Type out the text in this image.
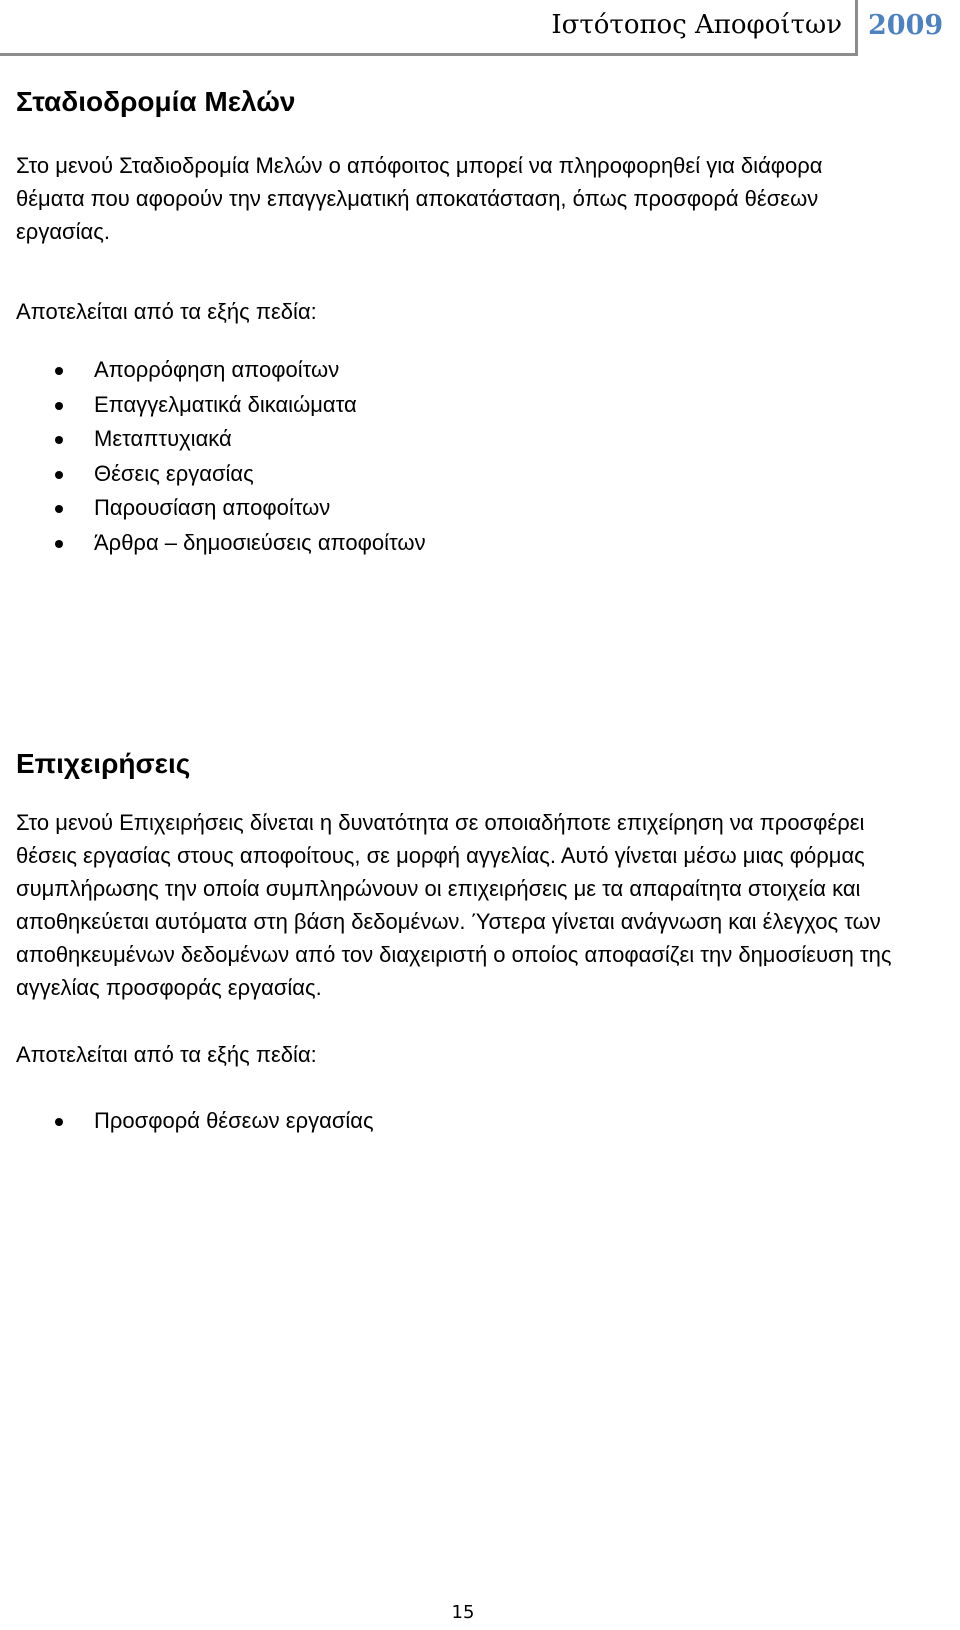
Ιστότοπος Αποφοίτων 2009
Σταδιοδρομία Μελών

Στο μενού Σταδιοδρομία Μελών ο απόφοιτος μπορεί να πληροφορηθεί για διάφορα θέματα που αφορούν την επαγγελματική αποκατάσταση, όπως προσφορά θέσεων εργασίας.

Αποτελείται από τα εξής πεδία:

Απορρόφηση αποφοίτων
Επαγγελματικά δικαιώματα
Μεταπτυχιακά
Θέσεις εργασίας
Παρουσίαση αποφοίτων
Άρθρα – δημοσιεύσεις αποφοίτων
Επιχειρήσεις

Στο μενού Επιχειρήσεις δίνεται η δυνατότητα σε οποιαδήποτε επιχείρηση να προσφέρει θέσεις εργασίας στους αποφοίτους, σε μορφή αγγελίας. Αυτό γίνεται μέσω μιας φόρμας συμπλήρωσης την οποία συμπληρώνουν οι επιχειρήσεις με τα απαραίτητα στοιχεία και αποθηκεύεται αυτόματα στη βάση δεδομένων. Ύστερα γίνεται ανάγνωση και έλεγχος των αποθηκευμένων δεδομένων από τον διαχειριστή ο οποίος αποφασίζει την δημοσίευση της αγγελίας προσφοράς εργασίας.

Αποτελείται από τα εξής πεδία:

Προσφορά θέσεων εργασίας
15
